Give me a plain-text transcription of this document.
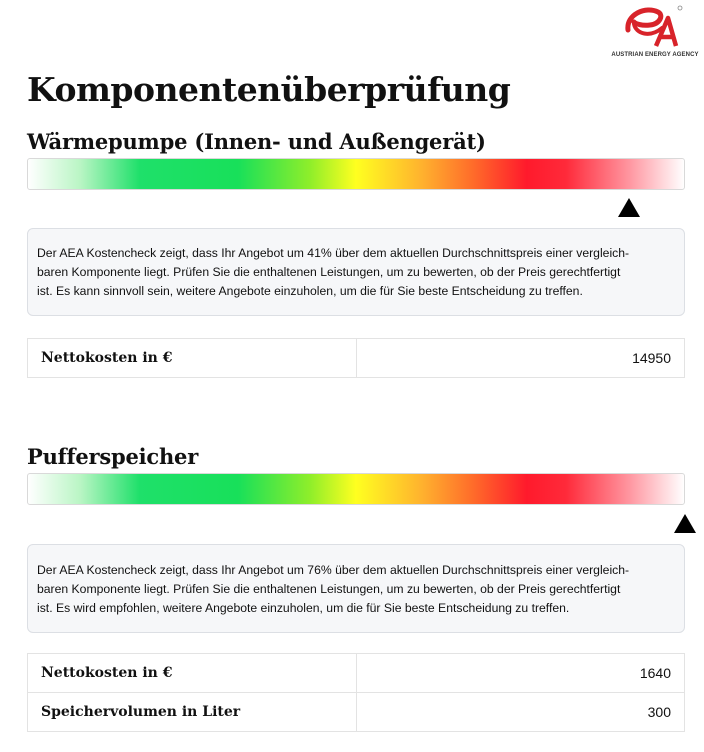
AUSTRIAN ENERGY AGENCY
Komponentenüberprüfung
Wärmepumpe (Innen- und Außengerät)

Der AEA Kostencheck zeigt, dass Ihr Angebot um 41% über dem aktuellen Durchschnittspreis einer vergleich-

baren Komponente liegt. Prüfen Sie die enthaltenen Leistungen, um zu bewerten, ob der Preis gerechtfertigt

ist. Es kann sinnvoll sein, weitere Angebote einzuholen, um die für Sie beste Entscheidung zu treffen.

Nettokosten in €	14950
Pufferspeicher

Der AEA Kostencheck zeigt, dass Ihr Angebot um 76% über dem aktuellen Durchschnittspreis einer vergleich-

baren Komponente liegt. Prüfen Sie die enthaltenen Leistungen, um zu bewerten, ob der Preis gerechtfertigt

ist. Es wird empfohlen, weitere Angebote einzuholen, um die für Sie beste Entscheidung zu treffen.

Nettokosten in €	1640
Speichervolumen in Liter	300
